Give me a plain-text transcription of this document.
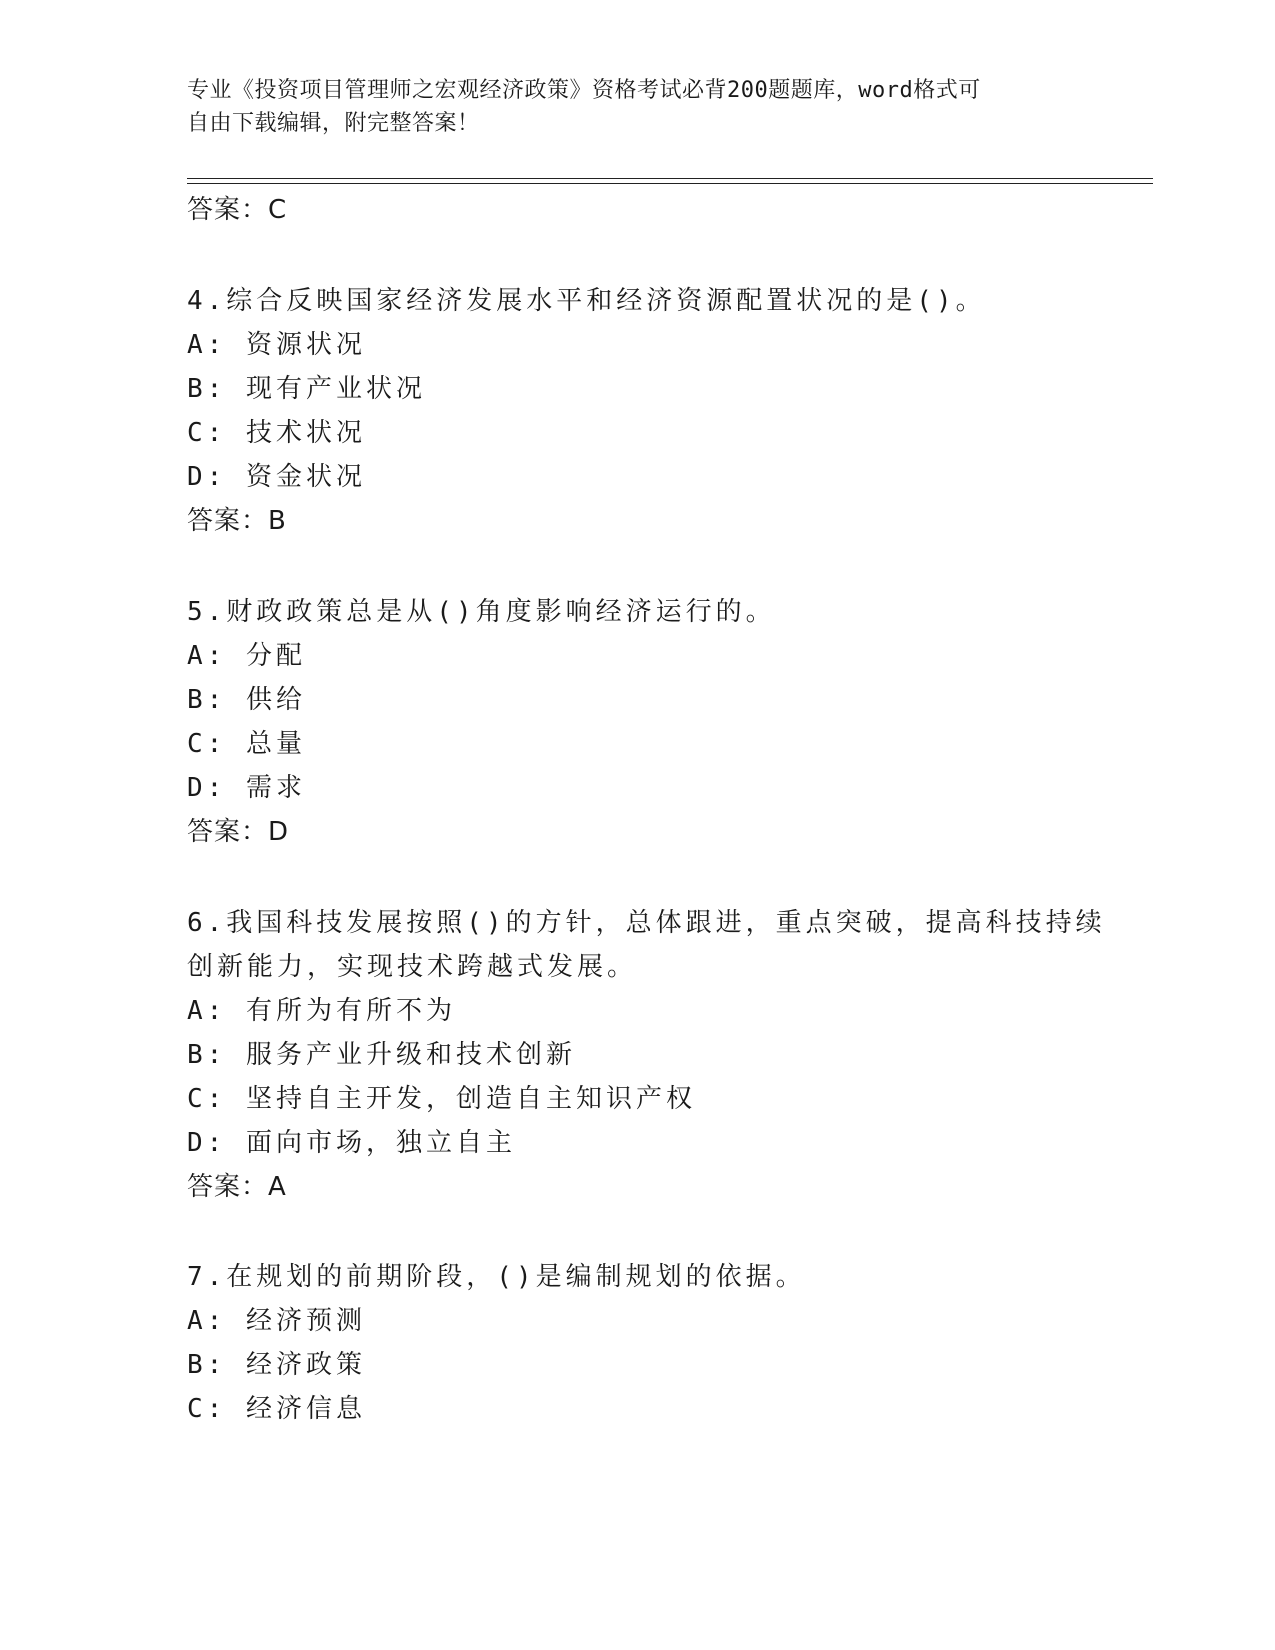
专业《投资项目管理师之宏观经济政策》资格考试必背200题题库，word格式可
自由下载编辑，附完整答案！
答案：C
4.综合反映国家经济发展水平和经济资源配置状况的是()。
A: 资源状况
B: 现有产业状况
C: 技术状况
D: 资金状况
答案：B
5.财政政策总是从()角度影响经济运行的。
A: 分配
B: 供给
C: 总量
D: 需求
答案：D
6.我国科技发展按照()的方针，总体跟进，重点突破，提高科技持续
创新能力，实现技术跨越式发展。
A: 有所为有所不为
B: 服务产业升级和技术创新
C: 坚持自主开发，创造自主知识产权
D: 面向市场，独立自主
答案：A
7.在规划的前期阶段，()是编制规划的依据。
A: 经济预测
B: 经济政策
C: 经济信息
